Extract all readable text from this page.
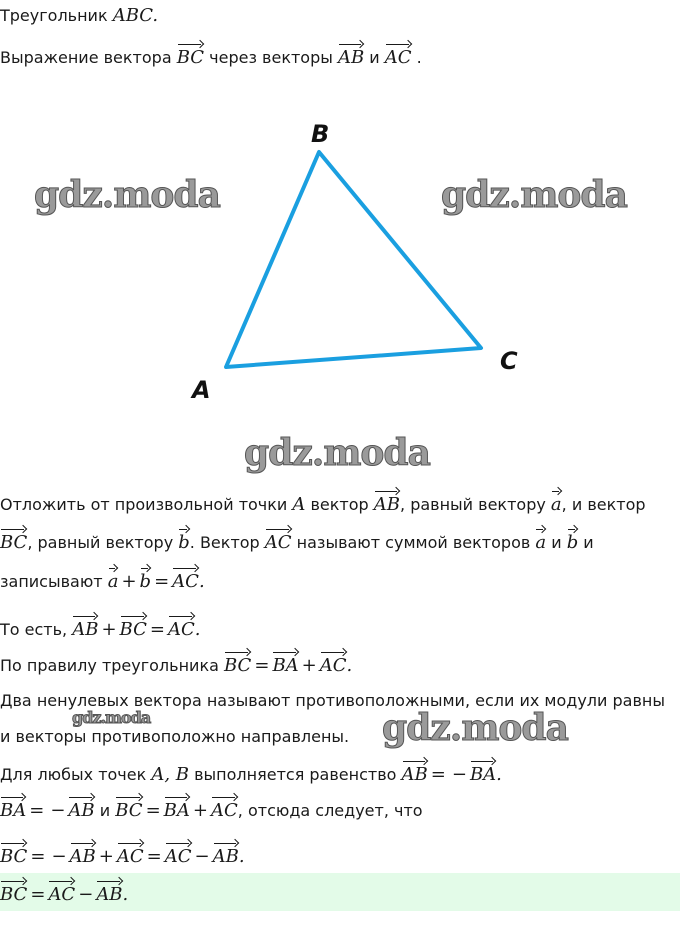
B
C
A
gdz.moda	gdz.moda
gdz.moda
gdz.moda	gdz.moda
Треугольник ABC.
Выражение вектора BC через векторы AB и AC .
Отложить от произвольной точки A вектор AB, равный вектору a, и вектор
BC, равный вектору b. Вектор AC называют суммой векторов a и b и
записывают a + b = AC.
То есть, AB + BC = AC.
По правилу треугольника BC = BA + AC.
Два ненулевых вектора называют противоположными, если их модули равны
и векторы противоположно направлены.
Для любых точек A, B выполняется равенство AB = − BA.
BA = − AB и BC = BA + AC, отсюда следует, что
BC = − AB + AC = AC − AB.
BC = AC − AB.
